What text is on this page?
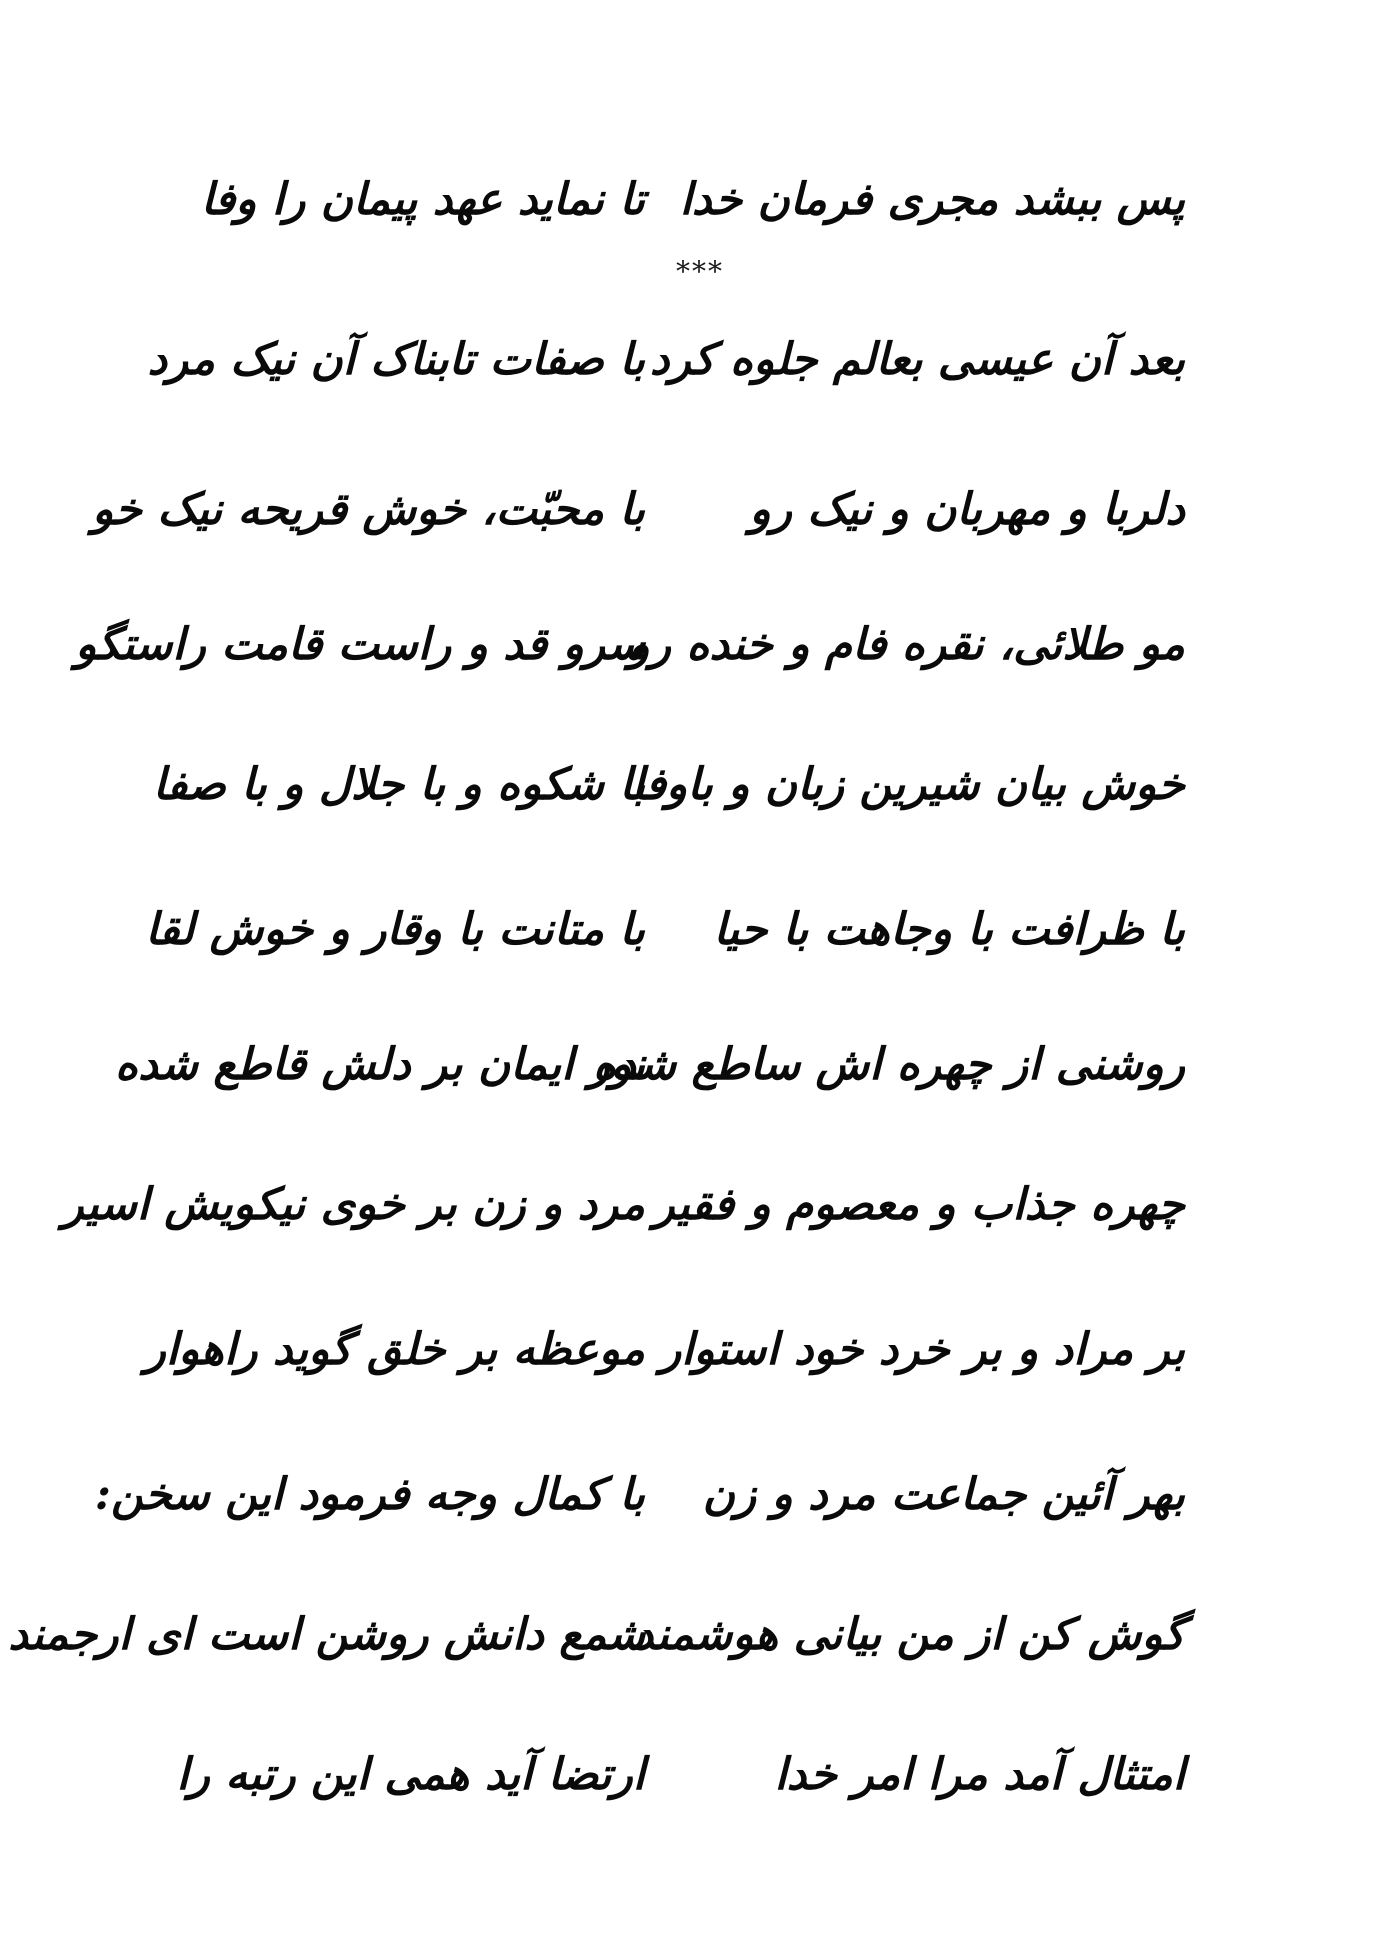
پس ببشد مجری فرمان خدا
تا نماید عهد پیمان را وفا
***
بعد آن عیسی بعالم جلوه کرد
با صفات تابناک آن نیک مرد
دلربا و مهربان و نیک رو
با محبّت، خوش قریحه نیک خو
مو طلائی، نقره فام و خنده رو
سرو قد و راست قامت راستگو
خوش بیان شیرین زبان و باوفا
با شکوه و با جلال و با صفا
با ظرافت با وجاهت با حیا
با متانت با وقار و خوش لقا
روشنی از چهره اش ساطع شده
نور ایمان بر دلش قاطع شده
چهره جذاب و معصوم و فقیر
مرد و زن بر خوی نیکویش اسیر
بر مراد و بر خرد خود استوار
موعظه بر خلق گوید راهوار
بهر آئین جماعت مرد و زن
با کمال وجه فرمود این سخن:
گوش کن از من بیانی هوشمند
شمع دانش روشن است ای ارجمند
امتثال آمد مرا امر خدا
ارتضا آید همی این رتبه را
